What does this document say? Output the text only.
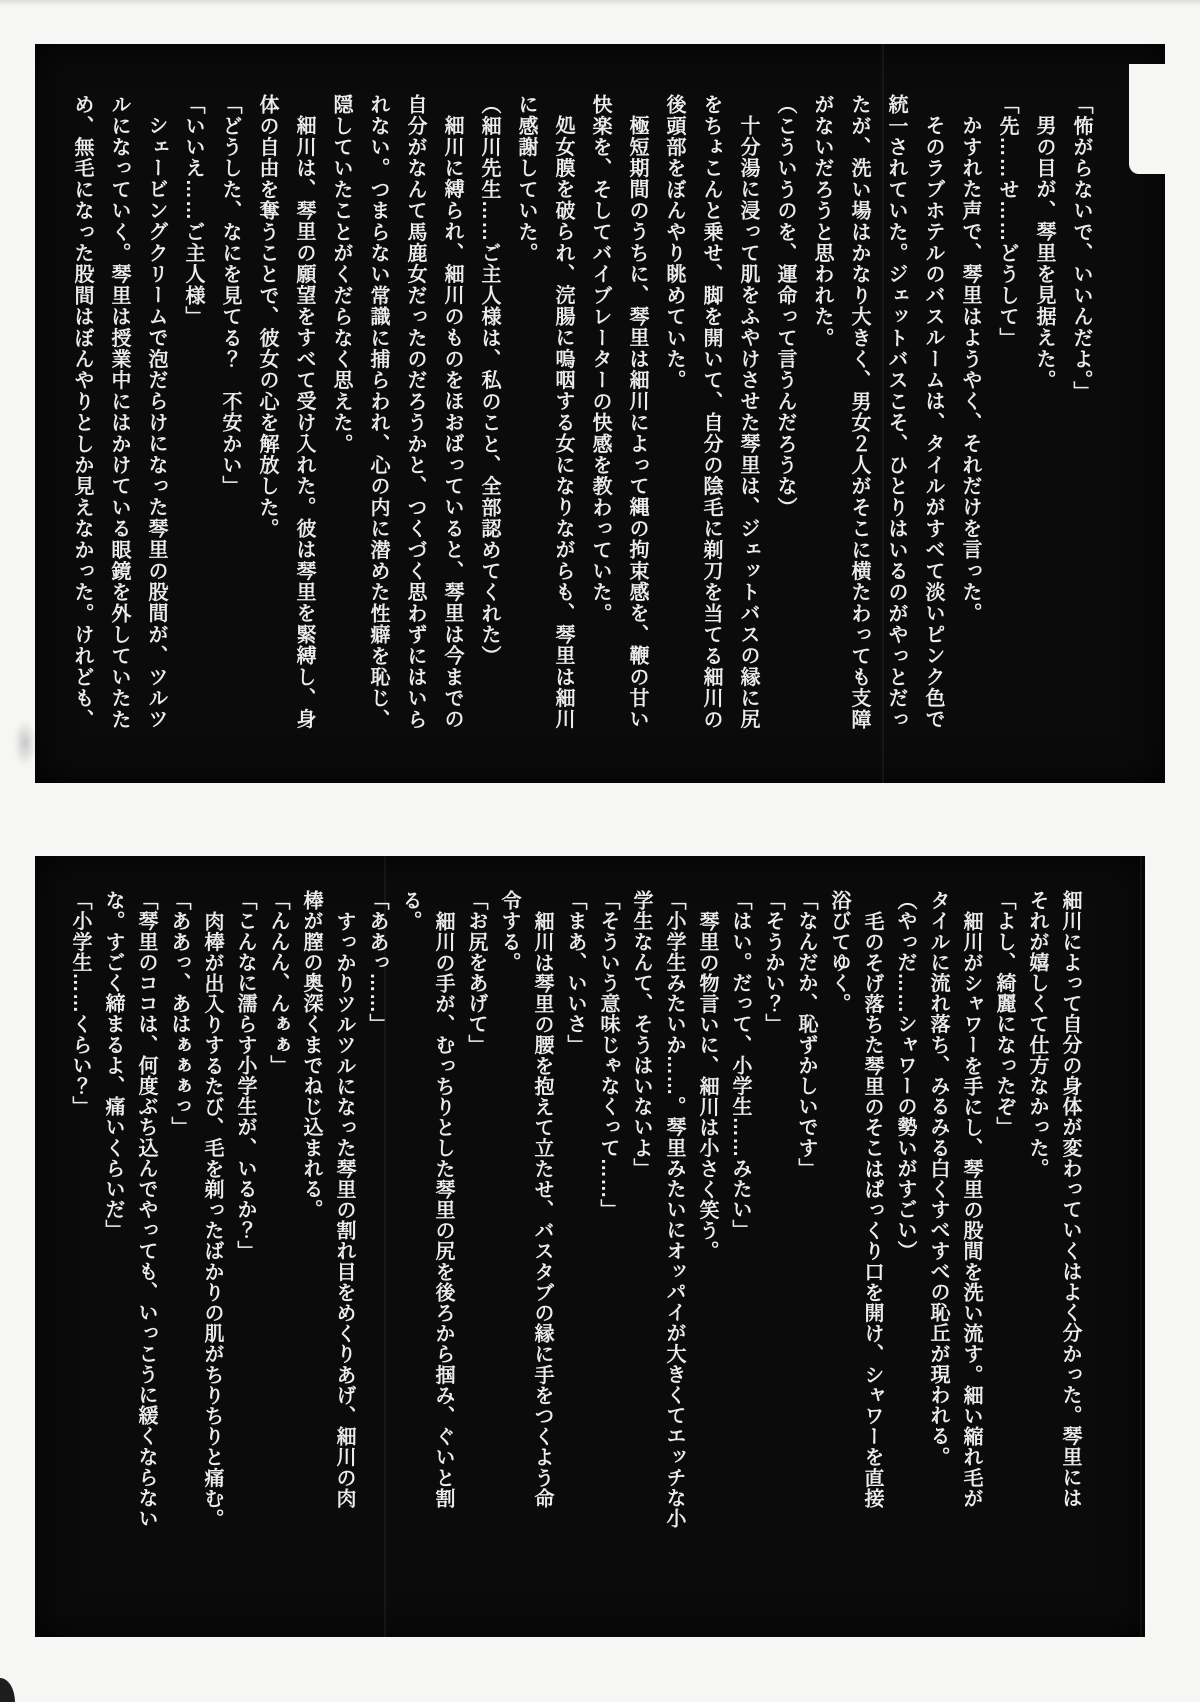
「怖がらないで、いいんだよ。」

男の目が、琴里を見据えた。

「先……せ……どうして」

かすれた声で、琴里はようやく、それだけを言った。

そのラブホテルのバスルームは、タイルがすべて淡いピンク色で

統一されていた。ジェットバスこそ、ひとりはいるのがやっとだっ

たが、洗い場はかなり大きく、男女２人がそこに横たわっても支障

がないだろうと思われた。

（こういうのを、運命って言うんだろうな）

十分湯に浸って肌をふやけさせた琴里は、ジェットバスの縁に尻

をちょこんと乗せ、脚を開いて、自分の陰毛に剃刀を当てる細川の

後頭部をぼんやり眺めていた。

極短期間のうちに、琴里は細川によって縄の拘束感を、鞭の甘い

快楽を、そしてバイブレーターの快感を教わっていた。

処女膜を破られ、浣腸に嗚咽する女になりながらも、琴里は細川

に感謝していた。

（細川先生……ご主人様は、私のこと、全部認めてくれた）

細川に縛られ、細川のものをほおばっていると、琴里は今までの

自分がなんて馬鹿女だったのだろうかと、つくづく思わずにはいら

れない。つまらない常識に捕らわれ、心の内に潜めた性癖を恥じ、

隠していたことがくだらなく思えた。

細川は、琴里の願望をすべて受け入れた。彼は琴里を緊縛し、身

体の自由を奪うことで、彼女の心を解放した。

「どうした、なにを見てる？　不安かい」

「いいえ……ご主人様」

シェービングクリームで泡だらけになった琴里の股間が、ツルツ

ルになっていく。琴里は授業中にはかけている眼鏡を外していたた

め、無毛になった股間はぼんやりとしか見えなかった。けれども、

細川によって自分の身体が変わっていくはよく分かった。琴里には

それが嬉しくて仕方なかった。

「よし、綺麗になったぞ」

細川がシャワーを手にし、琴里の股間を洗い流す。細い縮れ毛が

タイルに流れ落ち、みるみる白くすべすべの恥丘が現われる。

（やっだ……シャワーの勢いがすごい）

毛のそげ落ちた琴里のそこはぱっくり口を開け、シャワーを直接

浴びてゆく。

「なんだか、恥ずかしいです」

「そうかい？」

「はい。だって、小学生……みたい」

琴里の物言いに、細川は小さく笑う。

「小学生みたいか……。琴里みたいにオッパイが大きくてエッチな小

学生なんて、そうはいないよ」

「そういう意味じゃなくって……」

「まあ、いいさ」

細川は琴里の腰を抱えて立たせ、バスタブの縁に手をつくよう命

令する。

「お尻をあげて」

細川の手が、むっちりとした琴里の尻を後ろから掴み、ぐいと割

る。

「ああっ……」

すっかりツルツルになった琴里の割れ目をめくりあげ、細川の肉

棒が膣の奥深くまでねじ込まれる。

「んんん、んぁぁ」

「こんなに濡らす小学生が、いるか？」

肉棒が出入りするたび、毛を剃ったばかりの肌がちりちりと痛む。

「ああっ、あはぁぁぁっ」

「琴里のココは、何度ぶち込んでやっても、いっこうに緩くならない

な。すごく締まるよ、痛いくらいだ」

「小学生……くらい？」
